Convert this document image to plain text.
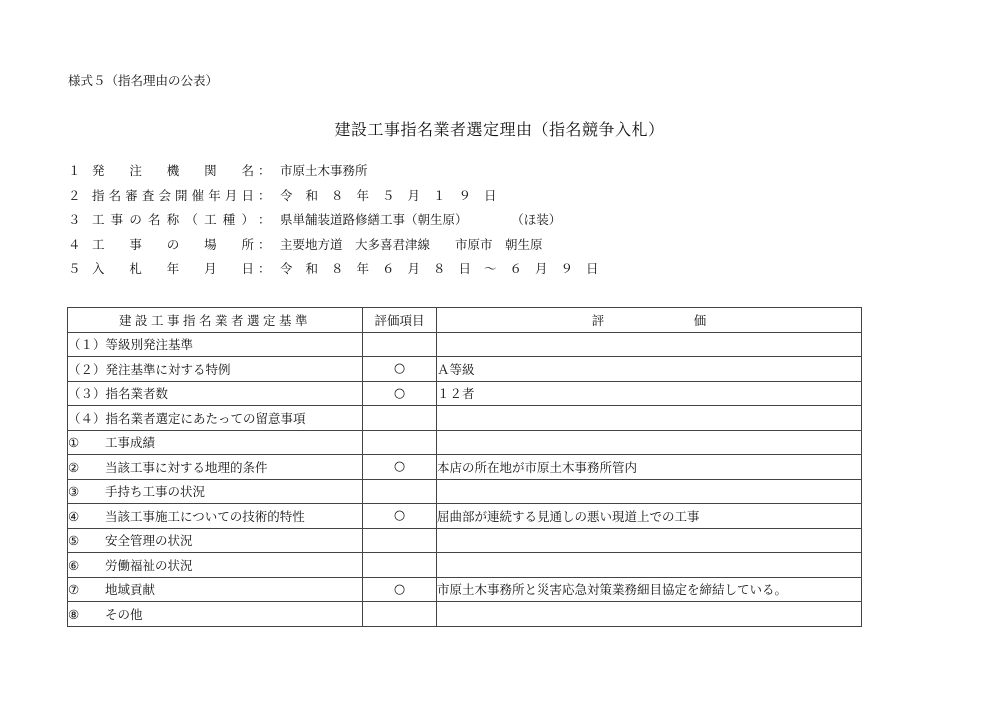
様式５（指名理由の公表）
建設工事指名業者選定理由（指名競争入札）
１ 発注機関名 ： 市原土木事務所
２ 指名審査会開催年月日 ： 令和８年５月１９日
３ 工事の名称（工種） ： 県単舗装道路修繕工事（朝生原）	（ほ装）
４ 工事の場所 ： 主要地方道　大多喜君津線　　市原市　朝生原
５ 入札年月日 ： 令和８年６月８日～６月９日
建設工事指名業者選定基準	評価項目	評 価

（１）等級別発注基準		
（２）発注基準に対する特例	○	Ａ等級
（３）指名業者数	○	１２者
（４）指名業者選定にあたっての留意事項		
① 工事成績		
② 当該工事に対する地理的条件	○	本店の所在地が市原土木事務所管内
③ 手持ち工事の状況		
④ 当該工事施工についての技術的特性	○	屈曲部が連続する見通しの悪い現道上での工事
⑤ 安全管理の状況		
⑥ 労働福祉の状況		
⑦ 地域貢献	○	市原土木事務所と災害応急対策業務細目協定を締結している。
⑧ その他		
